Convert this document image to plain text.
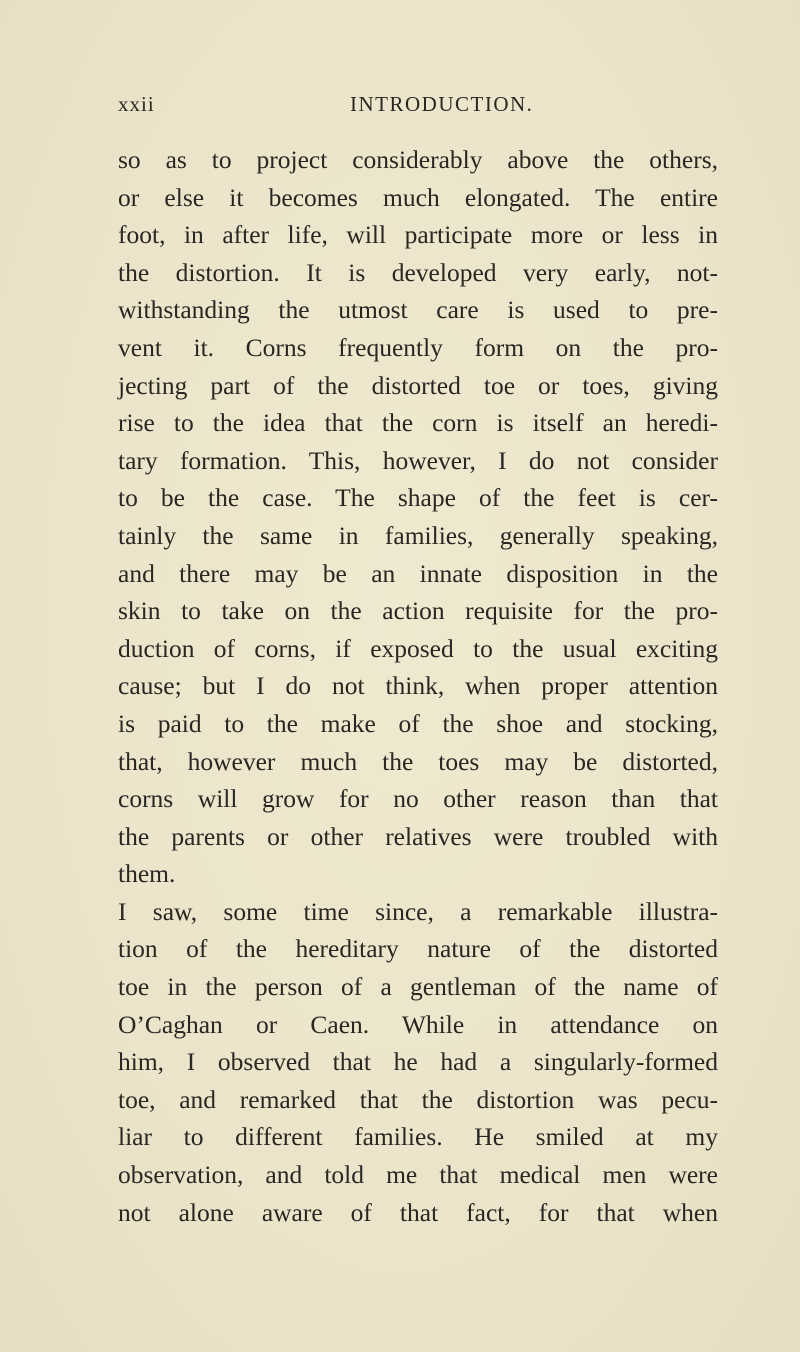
xxii	INTRODUCTION.
so as to project considerably above the others,
or else it becomes much elongated. The entire
foot, in after life, will participate more or less in
the distortion. It is developed very early, not-
withstanding the utmost care is used to pre-
vent it. Corns frequently form on the pro-
jecting part of the distorted toe or toes, giving
rise to the idea that the corn is itself an heredi-
tary formation. This, however, I do not consider
to be the case. The shape of the feet is cer-
tainly the same in families, generally speaking,
and there may be an innate disposition in the
skin to take on the action requisite for the pro-
duction of corns, if exposed to the usual exciting
cause; but I do not think, when proper attention
is paid to the make of the shoe and stocking,
that, however much the toes may be distorted,
corns will grow for no other reason than that
the parents or other relatives were troubled with
them.
I saw, some time since, a remarkable illustra-
tion of the hereditary nature of the distorted
toe in the person of a gentleman of the name of
O’Caghan or Caen. While in attendance on
him, I observed that he had a singularly-formed
toe, and remarked that the distortion was pecu-
liar to different families. He smiled at my
observation, and told me that medical men were
not alone aware of that fact, for that when
